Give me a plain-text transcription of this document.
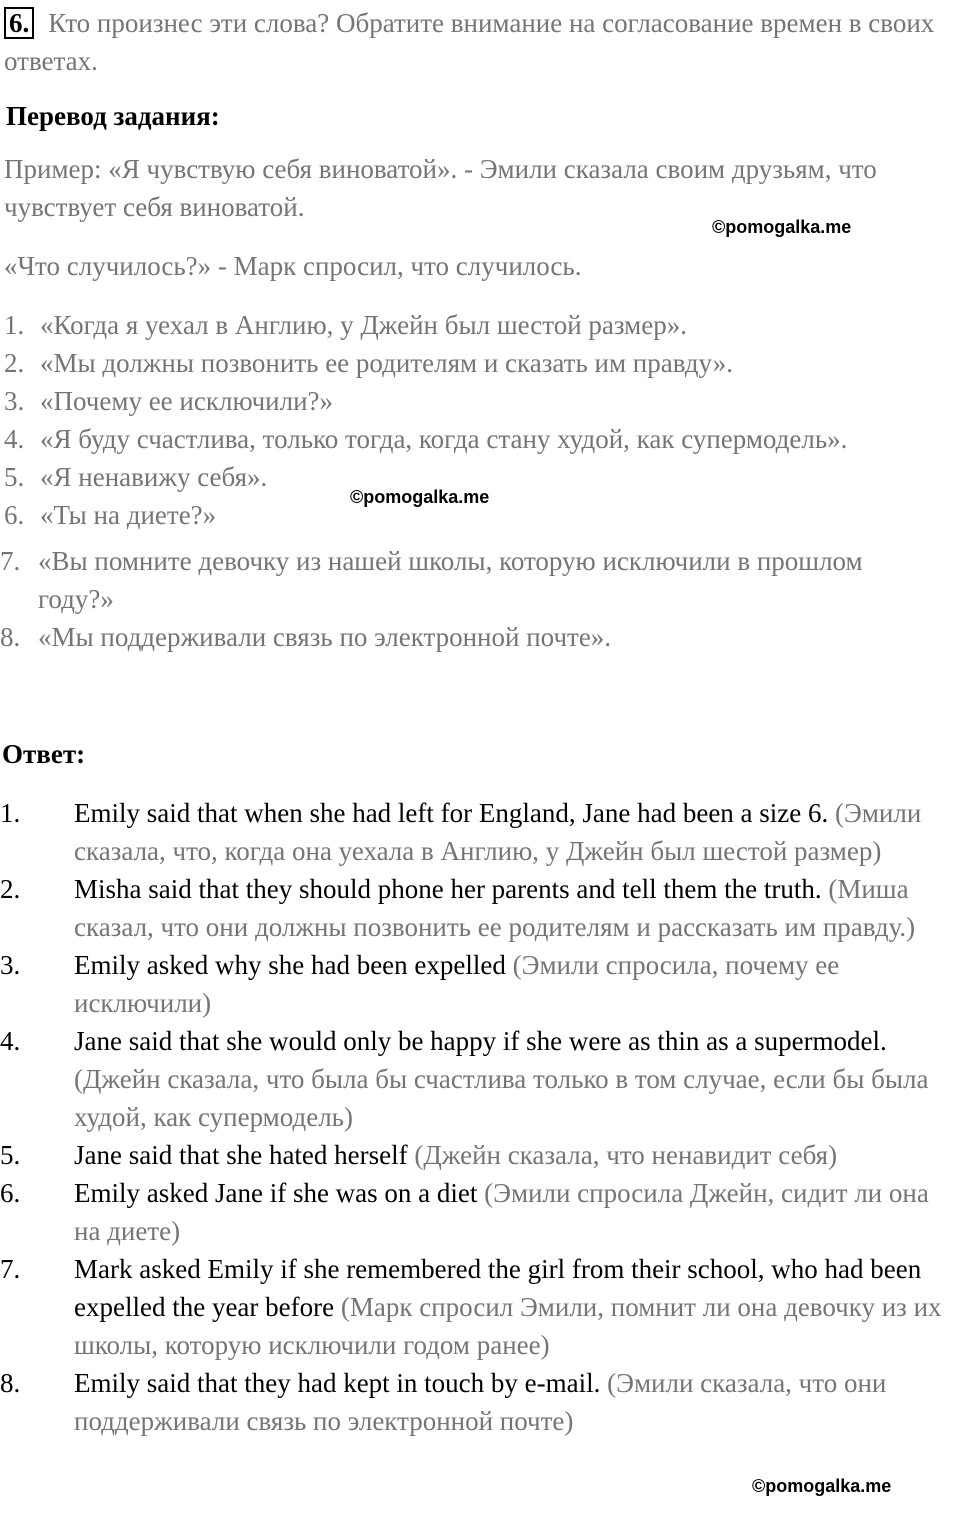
6. Кто произнес эти слова? Обратите внимание на согласование времен в своих ответах.
Перевод задания:
Пример: «Я чувствую себя виноватой». - Эмили сказала своим друзьям, что чувствует себя виноватой.
©pomogalka.me
«Что случилось?» - Марк спросил, что случилось.
1. «Когда я уехал в Англию, у Джейн был шестой размер».
2. «Мы должны позвонить ее родителям и сказать им правду».
3. «Почему ее исключили?»
4. «Я буду счастлива, только тогда, когда стану худой, как супермодель».
5. «Я ненавижу себя».
6. «Ты на диете?»
©pomogalka.me
7. «Вы помните девочку из нашей школы, которую исключили в прошлом году?»
8. «Мы поддерживали связь по электронной почте».
Ответ:
1. Emily said that when she had left for England, Jane had been a size 6. (Эмили сказала, что, когда она уехала в Англию, у Джейн был шестой размер)
2. Misha said that they should phone her parents and tell them the truth. (Миша сказал, что они должны позвонить ее родителям и рассказать им правду.)
3. Emily asked why she had been expelled (Эмили спросила, почему ее исключили)
4. Jane said that she would only be happy if she were as thin as a supermodel. (Джейн сказала, что была бы счастлива только в том случае, если бы была худой, как супермодель)
5. Jane said that she hated herself (Джейн сказала, что ненавидит себя)
6. Emily asked Jane if she was on a diet (Эмили спросила Джейн, сидит ли она на диете)
7. Mark asked Emily if she remembered the girl from their school, who had been expelled the year before (Марк спросил Эмили, помнит ли она девочку из их школы, которую исключили годом ранее)
8. Emily said that they had kept in touch by e-mail. (Эмили сказала, что они поддерживали связь по электронной почте)
©pomogalka.me
